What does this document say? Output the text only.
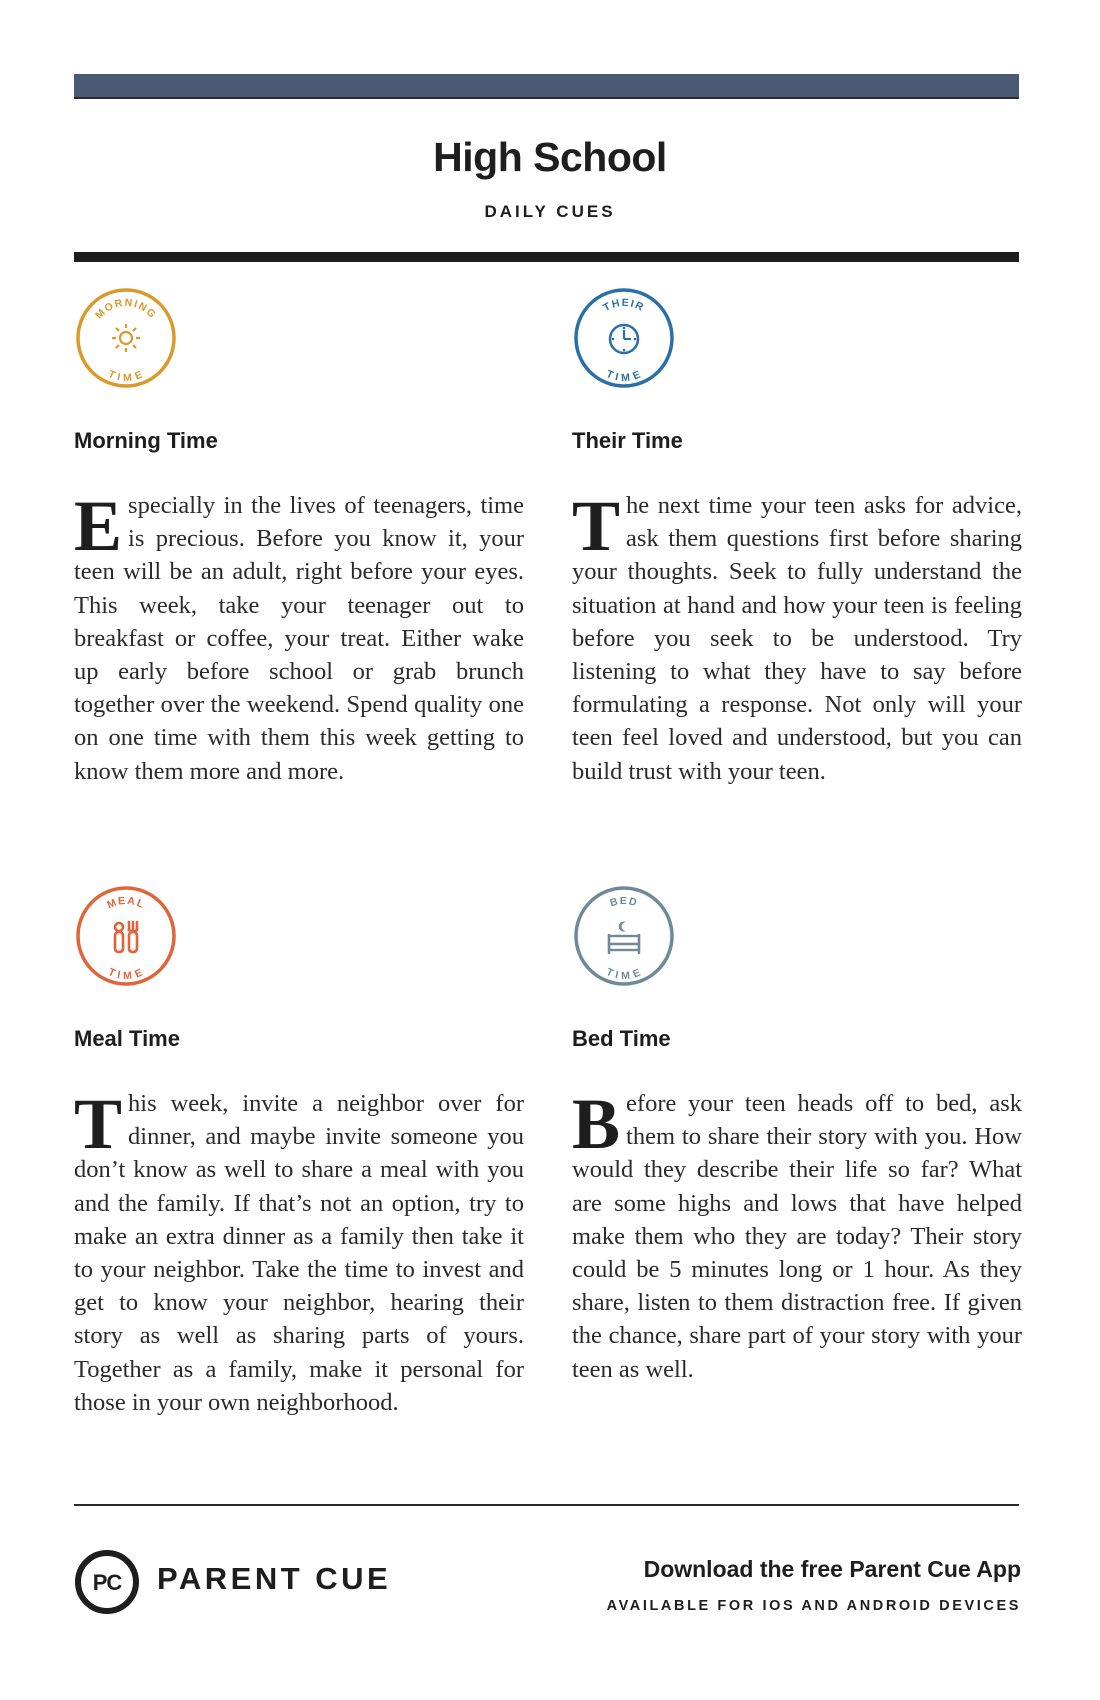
High School
DAILY CUES
MORNING
TIME
Morning Time
Especially in the lives of teenagers, time is precious. Before you know it, your teen will be an adult, right before your eyes. This week, take your teenager out to breakfast or coffee, your treat. Either wake up early before school or grab brunch together over the weekend. Spend quality one on one time with them this week getting to know them more and more.
THEIR
TIME
Their Time
The next time your teen asks for advice, ask them questions first before sharing your thoughts. Seek to fully understand the situation at hand and how your teen is feeling before you seek to be understood. Try listening to what they have to say before formulating a response. Not only will your teen feel loved and understood, but you can build trust with your teen.
MEAL
TIME
Meal Time
This week, invite a neighbor over for dinner, and maybe invite someone you don’t know as well to share a meal with you and the family. If that’s not an option, try to make an extra dinner as a family then take it to your neighbor. Take the time to invest and get to know your neighbor, hearing their story as well as sharing parts of yours. Together as a family, make it personal for those in your own neighborhood.
BED
TIME
Bed Time
Before your teen heads off to bed, ask them to share their story with you. How would they describe their life so far? What are some highs and lows that have helped make them who they are today? Their story could be 5 minutes long or 1 hour. As they share, listen to them distraction free. If given the chance, share part of your story with your teen as well.
PC PARENT CUE	Download the free Parent Cue App
AVAILABLE FOR IOS AND ANDROID DEVICES
